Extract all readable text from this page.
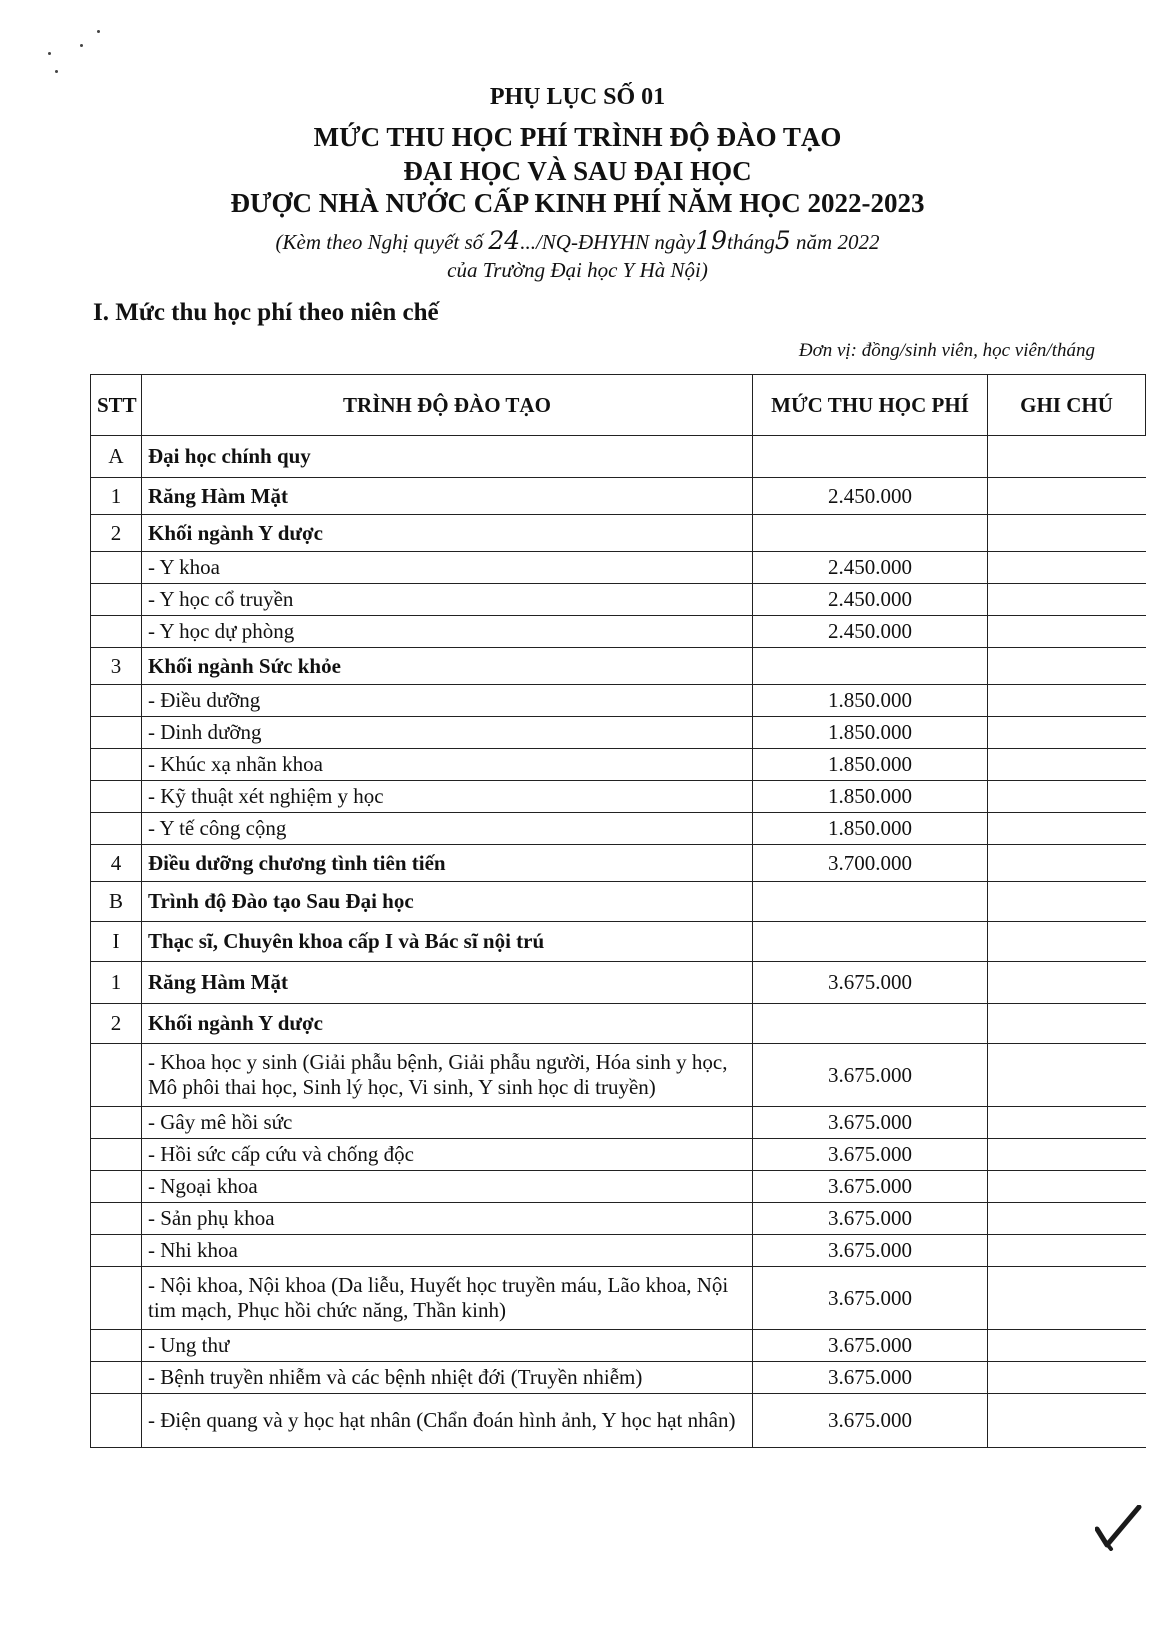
PHỤ LỤC SỐ 01
MỨC THU HỌC PHÍ TRÌNH ĐỘ ĐÀO TẠO
ĐẠI HỌC VÀ SAU ĐẠI HỌC
ĐƯỢC NHÀ NƯỚC CẤP KINH PHÍ NĂM HỌC 2022-2023
(Kèm theo Nghị quyết số 24.../NQ-ĐHYHN ngày19tháng5 năm 2022
của Trường Đại học Y Hà Nội)
I. Mức thu học phí theo niên chế
Đơn vị: đồng/sinh viên, học viên/tháng
STT	TRÌNH ĐỘ ĐÀO TẠO	MỨC THU HỌC PHÍ	GHI CHÚ
A	Đại học chính quy		
1	Răng Hàm Mặt	2.450.000	
2	Khối ngành Y dược		
	- Y khoa	2.450.000	
	- Y học cổ truyền	2.450.000	
	- Y học dự phòng	2.450.000	
3	Khối ngành Sức khỏe		
	- Điều dưỡng	1.850.000	
	- Dinh dưỡng	1.850.000	
	- Khúc xạ nhãn khoa	1.850.000	
	- Kỹ thuật xét nghiệm y học	1.850.000	
	- Y tế công cộng	1.850.000	
4	Điều dưỡng chương tình tiên tiến	3.700.000	
B	Trình độ Đào tạo Sau Đại học		
I	Thạc sĩ, Chuyên khoa cấp I và Bác sĩ nội trú		
1	Răng Hàm Mặt	3.675.000	
2	Khối ngành Y dược		
	- Khoa học y sinh (Giải phẫu bệnh, Giải phẫu người, Hóa sinh y học, Mô phôi thai học, Sinh lý học, Vi sinh, Y sinh học di truyền)	3.675.000	
	- Gây mê hồi sức	3.675.000	
	- Hồi sức cấp cứu và chống độc	3.675.000	
	- Ngoại khoa	3.675.000	
	- Sản phụ khoa	3.675.000	
	- Nhi khoa	3.675.000	
	- Nội khoa, Nội khoa (Da liễu, Huyết học truyền máu, Lão khoa, Nội tim mạch, Phục hồi chức năng, Thần kinh)	3.675.000	
	- Ung thư	3.675.000	
	- Bệnh truyền nhiễm và các bệnh nhiệt đới (Truyền nhiễm)	3.675.000	
	- Điện quang và y học hạt nhân (Chẩn đoán hình ảnh, Y học hạt nhân)	3.675.000	
